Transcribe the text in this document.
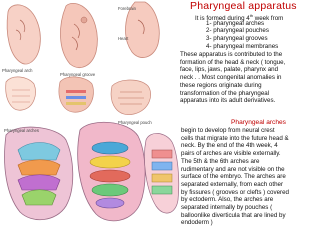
Forebrain
Heart
Pharyngeal arch
Pharyngeal groove
Pharyngeal pouch
Pharyngeal arches
Pharyngeal apparatus
It is formed during 4th week from
1- pharyngeal arches
2- pharyngeal pouches
3- pharyngeal grooves
4- pharyngeal membranes
These apparatus is contributed to the
formation of the head & neck ( tongue,
face, lips, jaws, palate, pharynx and
neck . . Most congenital anomalies in
these regions originate during
transformation of the pharyngeal
apparatus into its adult derivatives.
Pharyngeal arches
begin to develop from neural crest
cells that migrate into the future head &
neck. By the end of the 4th week, 4
pairs of arches are visible externally.
The 5th & the 6th arches are
rudimentary and are not visible on the
surface of the embryo. The arches are
separated externally, from each other
by fissures ( grooves or clefts ) covered
by ectoderm. Also, the arches are
separated internally by pouches (
balloonlike diverticula that are lined by
endoderm )
